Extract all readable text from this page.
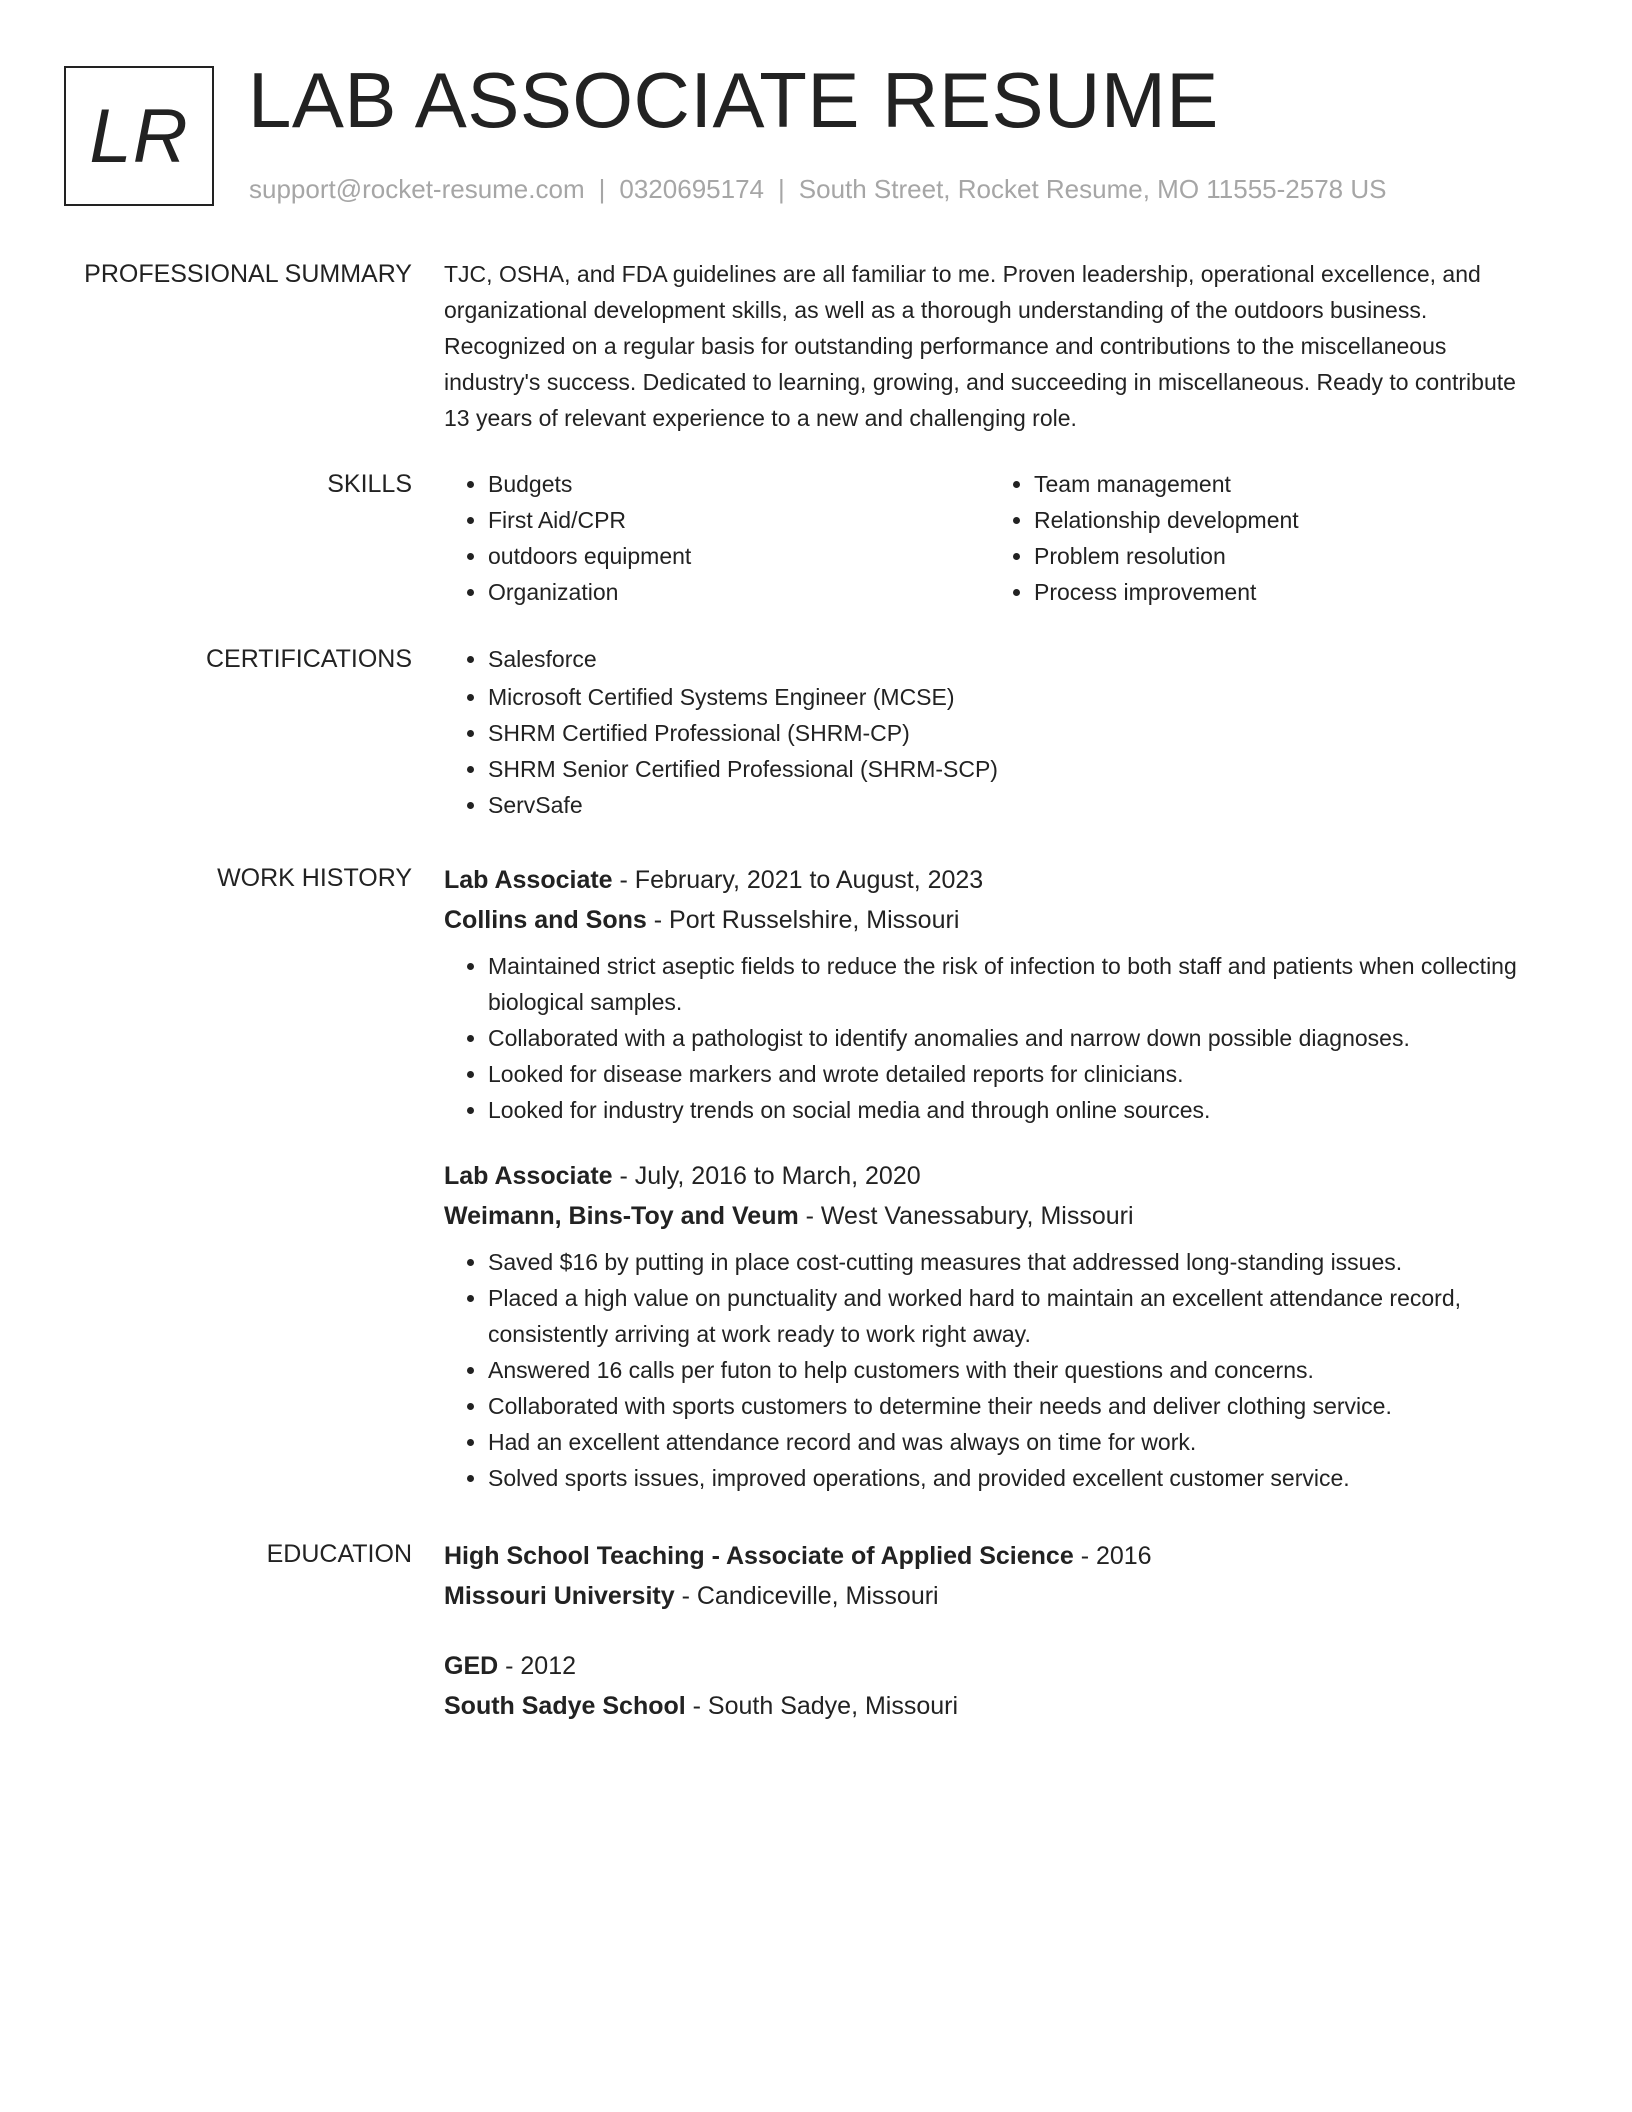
LR LAB ASSOCIATE RESUME
support@rocket-resume.com | 0320695174 | South Street, Rocket Resume, MO 11555-2578 US
PROFESSIONAL SUMMARY TJC, OSHA, and FDA guidelines are all familiar to me. Proven leadership, operational excellence, and organizational development skills, as well as a thorough understanding of the outdoors business. Recognized on a regular basis for outstanding performance and contributions to the miscellaneous industry's success. Dedicated to learning, growing, and succeeding in miscellaneous. Ready to contribute 13 years of relevant experience to a new and challenging role.

SKILLS	• Budgets
• First Aid/CPR
• outdoors equipment
• Organization
• Team management
• Relationship development
• Problem resolution
• Process improvement
CERTIFICATIONS	• Salesforce
• Microsoft Certified Systems Engineer (MCSE)
• SHRM Certified Professional (SHRM-CP)
• SHRM Senior Certified Professional (SHRM-SCP)
• ServSafe
WORK HISTORY Lab Associate - February, 2021 to August, 2023
Collins and Sons - Port Russelshire, Missouri
• Maintained strict aseptic fields to reduce the risk of infection to both staff and patients when collecting biological samples.
• Collaborated with a pathologist to identify anomalies and narrow down possible diagnoses.
• Looked for disease markers and wrote detailed reports for clinicians.
• Looked for industry trends on social media and through online sources.
Lab Associate - July, 2016 to March, 2020
Weimann, Bins-Toy and Veum - West Vanessabury, Missouri
• Saved $16 by putting in place cost-cutting measures that addressed long-standing issues.
• Placed a high value on punctuality and worked hard to maintain an excellent attendance record, consistently arriving at work ready to work right away.
• Answered 16 calls per futon to help customers with their questions and concerns.
• Collaborated with sports customers to determine their needs and deliver clothing service.
• Had an excellent attendance record and was always on time for work.
• Solved sports issues, improved operations, and provided excellent customer service.
EDUCATION High School Teaching - Associate of Applied Science - 2016
Missouri University - Candiceville, Missouri
GED - 2012
South Sadye School - South Sadye, Missouri
